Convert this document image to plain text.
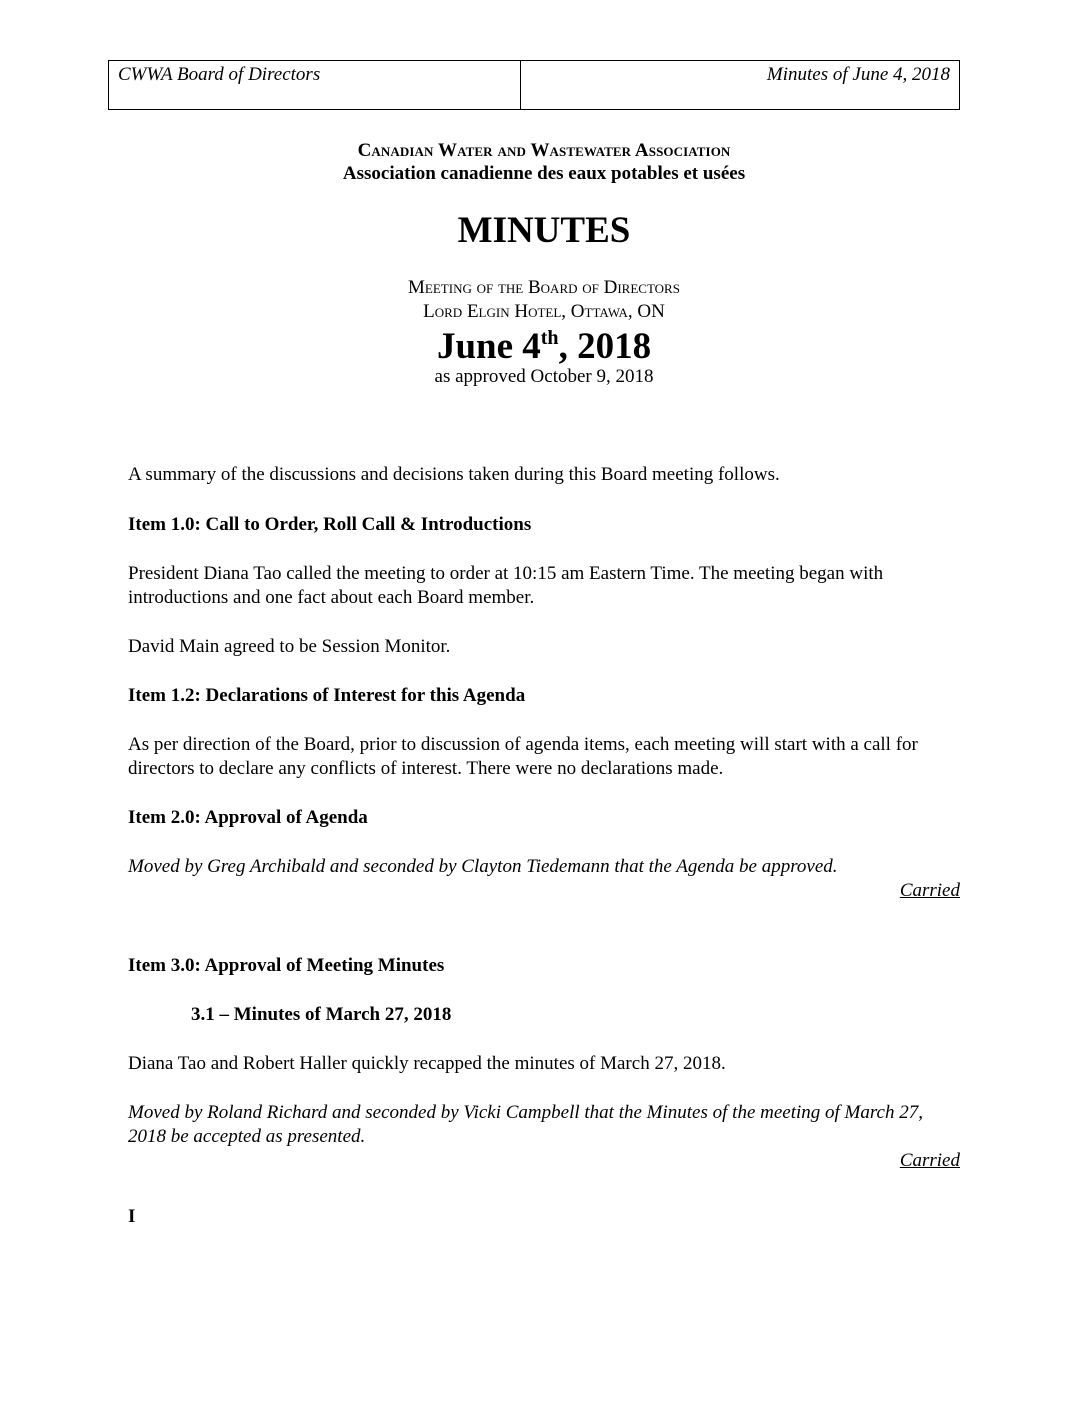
CWWA Board of Directors	Minutes of June 4, 2018
Canadian Water and Wastewater Association
Association canadienne des eaux potables et usées
MINUTES
Meeting of the Board of Directors
Lord Elgin Hotel, Ottawa, ON
June 4th, 2018
as approved October 9, 2018
A summary of the discussions and decisions taken during this Board meeting follows.
Item 1.0: Call to Order, Roll Call & Introductions
President Diana Tao called the meeting to order at 10:15 am Eastern Time. The meeting began with introductions and one fact about each Board member.
David Main agreed to be Session Monitor.
Item 1.2: Declarations of Interest for this Agenda
As per direction of the Board, prior to discussion of agenda items, each meeting will start with a call for directors to declare any conflicts of interest. There were no declarations made.
Item 2.0: Approval of Agenda
Moved by Greg Archibald and seconded by Clayton Tiedemann that the Agenda be approved.
Carried
Item 3.0: Approval of Meeting Minutes
3.1 – Minutes of March 27, 2018
Diana Tao and Robert Haller quickly recapped the minutes of March 27, 2018.
Moved by Roland Richard and seconded by Vicki Campbell that the Minutes of the meeting of March 27, 2018 be accepted as presented.
Carried
I
